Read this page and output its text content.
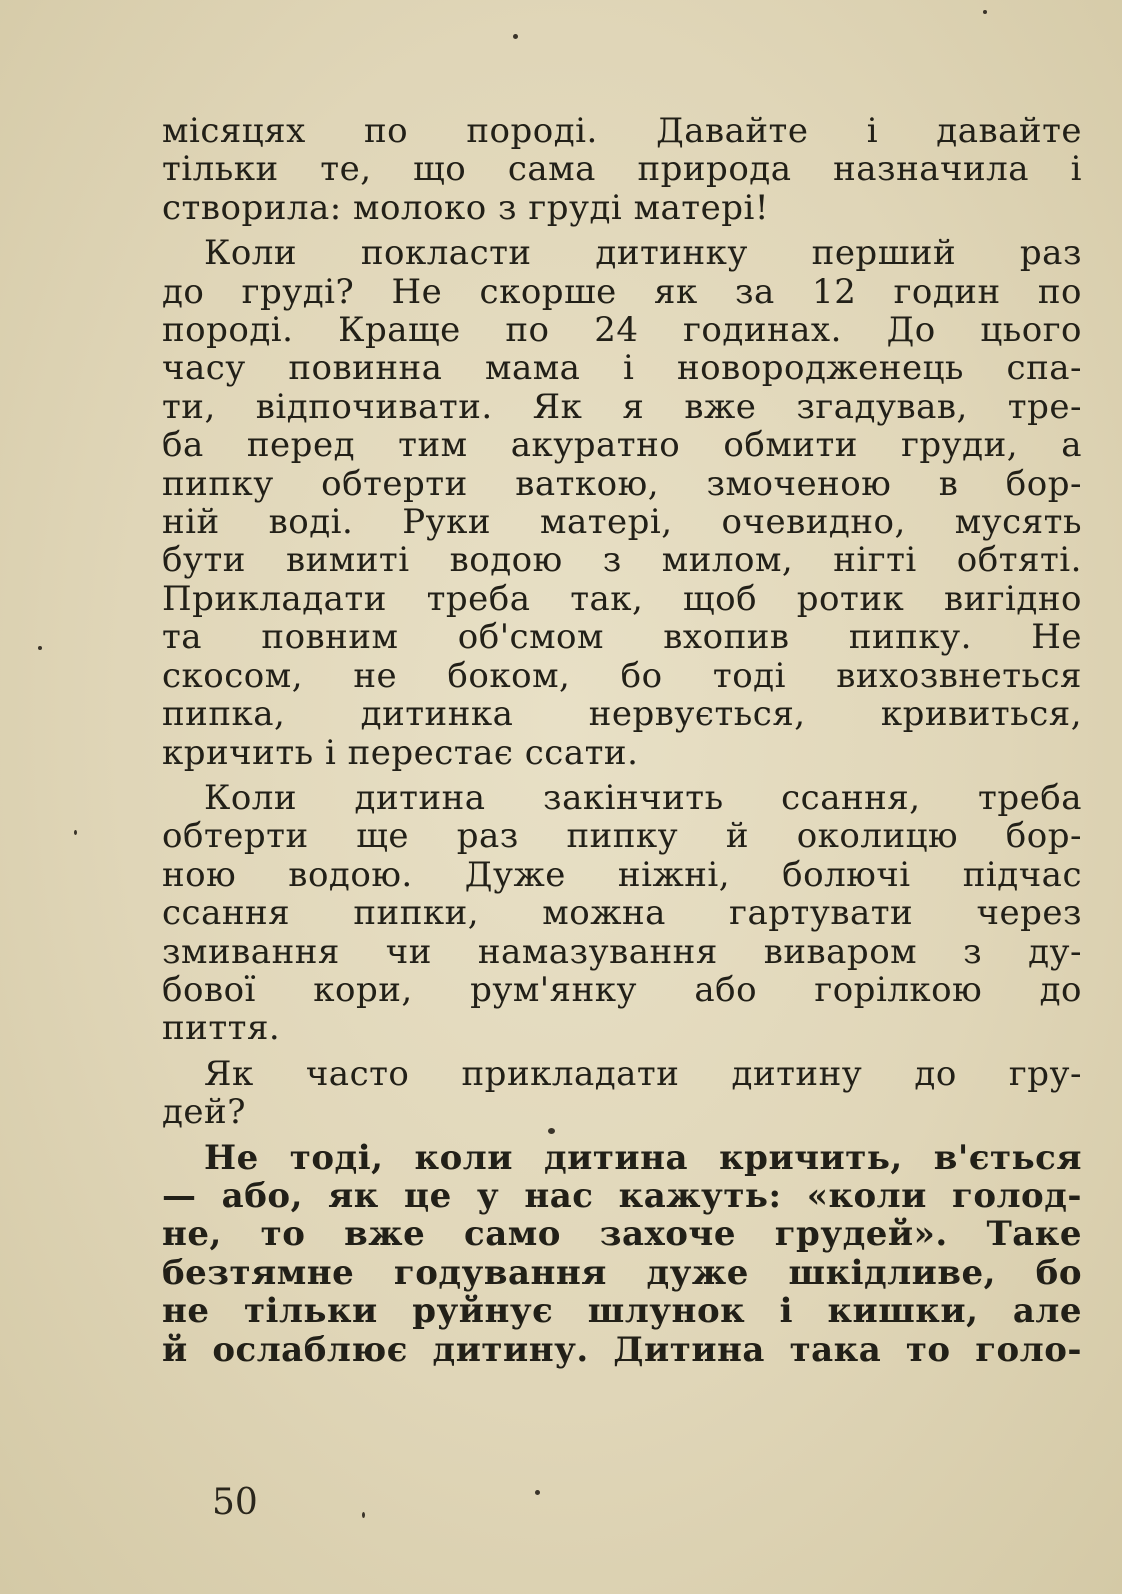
місяцях по породі. Давайте і давайте
тільки те, що сама природа назначила і
створила: молоко з груді матері!

Коли покласти дитинку перший раз
до груді? Не скорше як за 12 годин по
породі. Краще по 24 годинах. До цього
часу повинна мама і новородженець спа-
ти, відпочивати. Як я вже згадував, тре-
ба перед тим акуратно обмити груди, а
пипку обтерти ваткою, змоченою в бор-
ній воді. Руки матері, очевидно, мусять
бути вимиті водою з милом, нігті обтяті.
Прикладати треба так, щоб ротик вигідно
та повним об'смом вхопив пипку. Не
скосом, не боком, бо тоді вихозвнеться
пипка, дитинка нервується, кривиться,
кричить і перестає ссати.

Коли дитина закінчить ссання, треба
обтерти ще раз пипку й околицю бор-
ною водою. Дуже ніжні, болючі підчас
ссання пипки, можна гартувати через
змивання чи намазування виваром з ду-
бової кори, рум'янку або горілкою до
пиття.

Як часто прикладати дитину до гру-
дей?

Не тоді, коли дитина кричить, в'ється
— або, як це у нас кажуть: «коли голод-
не, то вже само захоче грудей». Таке
безтямне годування дуже шкідливе, бо
не тільки руйнує шлунок і кишки, але
й ослаблює дитину. Дитина така то голо-

50
